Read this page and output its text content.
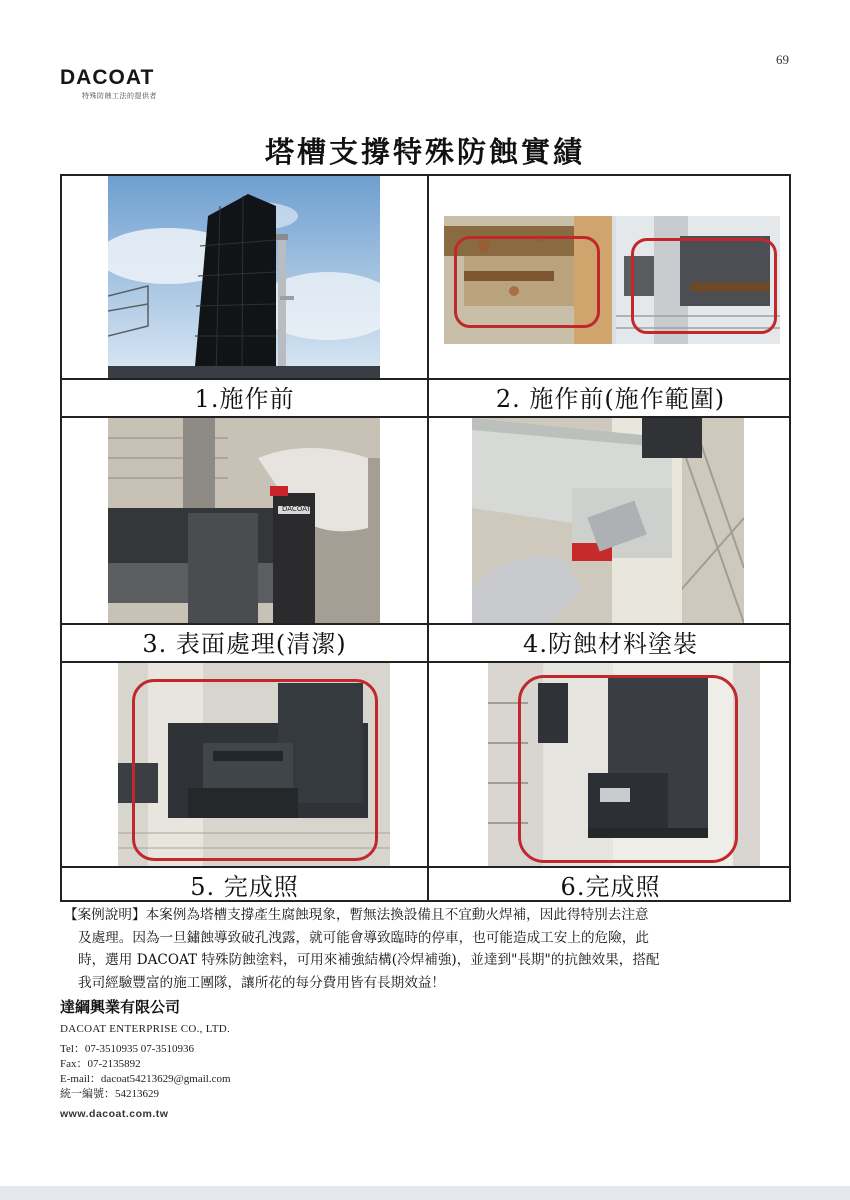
69
DACOAT
特殊防蝕工法的提供者
塔槽支撐特殊防蝕實績
DACOAT
1.施作前	2. 施作前(施作範圍)
3. 表面處理(清潔)	4.防蝕材料塗裝
5. 完成照	6.完成照

【案例說明】本案例為塔槽支撐產生腐蝕現象，暫無法換設備且不宜動火焊補，因此得特別去注意

及處理。因為一旦鏽蝕導致破孔洩露，就可能會導致臨時的停車，也可能造成工安上的危險，此

時，選用 DACOAT 特殊防蝕塗料，可用來補強結構(冷焊補強)，並達到"長期"的抗蝕效果，搭配

我司經驗豐富的施工團隊，讓所花的每分費用皆有長期效益！

達綱興業有限公司
DACOAT ENTERPRISE CO., LTD.
Tel：07-3510935 07-3510936
Fax：07-2135892
E-mail：dacoat54213629@gmail.com
統一編號：54213629
www.dacoat.com.tw
